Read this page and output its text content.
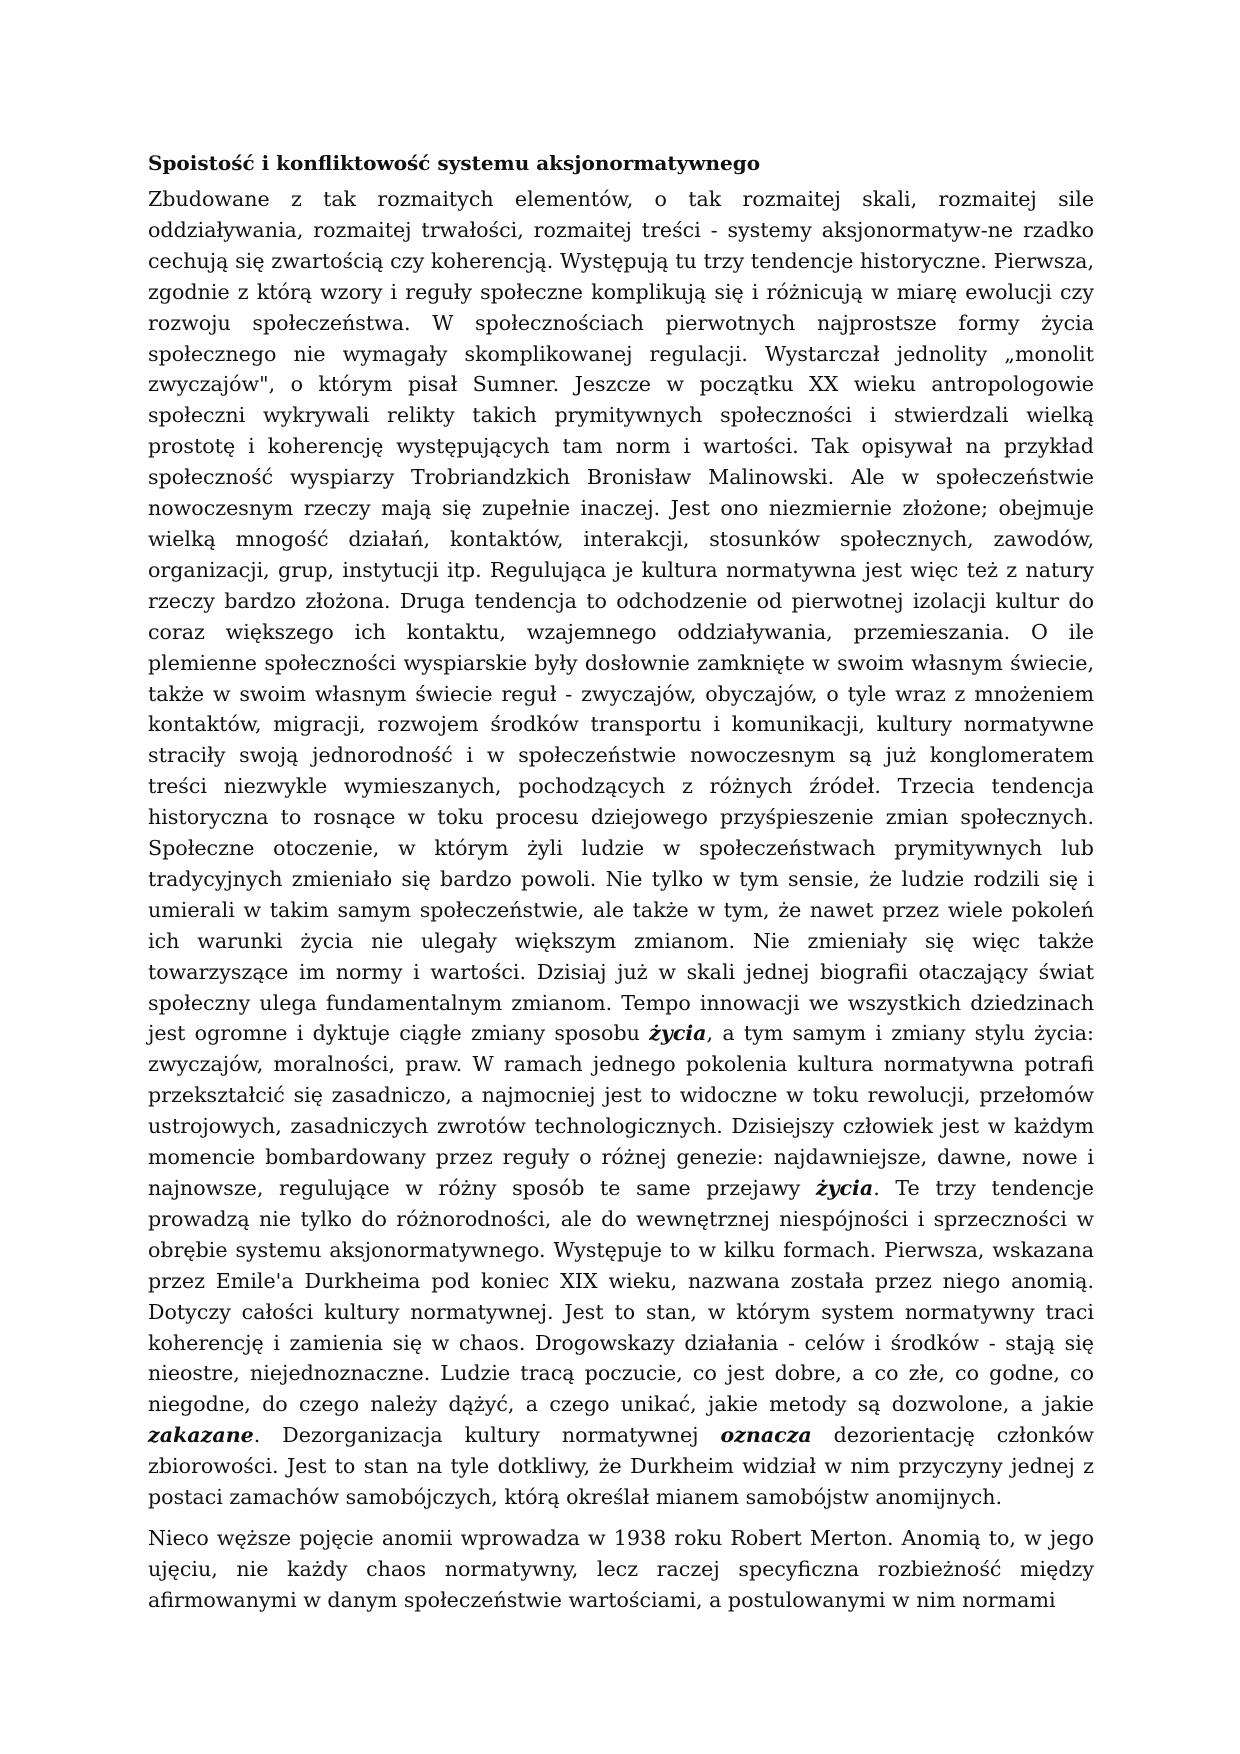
Spoistość i konfliktowość systemu aksjonormatywnego

Zbudowane z tak rozmaitych elementów, o tak rozmaitej skali, rozmaitej sile oddziaływania, rozmaitej trwałości, rozmaitej treści - systemy aksjonormatyw-ne rzadko cechują się zwartością czy koherencją. Występują tu trzy tendencje historyczne. Pierwsza, zgodnie z którą wzory i reguły społeczne komplikują się i różnicują w miarę ewolucji czy rozwoju społeczeństwa. W społecznościach pierwotnych najprostsze formy życia społecznego nie wymagały skomplikowanej regulacji. Wystarczał jednolity „monolit zwyczajów", o którym pisał Sumner. Jeszcze w początku XX wieku antropologowie społeczni wykrywali relikty takich prymitywnych społeczności i stwierdzali wielką prostotę i koherencję występujących tam norm i wartości. Tak opisywał na przykład społeczność wyspiarzy Trobriandzkich Bronisław Malinowski. Ale w społeczeństwie nowoczesnym rzeczy mają się zupełnie inaczej. Jest ono niezmiernie złożone; obejmuje wielką mnogość działań, kontaktów, interakcji, stosunków społecznych, zawodów, organizacji, grup, instytucji itp. Regulująca je kultura normatywna jest więc też z natury rzeczy bardzo złożona. Druga tendencja to odchodzenie od pierwotnej izolacji kultur do coraz większego ich kontaktu, wzajemnego oddziaływania, przemieszania. O ile plemienne społeczności wyspiarskie były dosłownie zamknięte w swoim własnym świecie, także w swoim własnym świecie reguł - zwyczajów, obyczajów, o tyle wraz z mnożeniem kontaktów, migracji, rozwojem środków transportu i komunikacji, kultury normatywne straciły swoją jednorodność i w społeczeństwie nowoczesnym są już konglomeratem treści niezwykle wymieszanych, pochodzących z różnych źródeł. Trzecia tendencja historyczna to rosnące w toku procesu dziejowego przyśpieszenie zmian społecznych. Społeczne otoczenie, w którym żyli ludzie w społeczeństwach prymitywnych lub tradycyjnych zmieniało się bardzo powoli. Nie tylko w tym sensie, że ludzie rodzili się i umierali w takim samym społeczeństwie, ale także w tym, że nawet przez wiele pokoleń ich warunki życia nie ulegały większym zmianom. Nie zmieniały się więc także towarzyszące im normy i wartości. Dzisiaj już w skali jednej biografii otaczający świat społeczny ulega fundamentalnym zmianom. Tempo innowacji we wszystkich dziedzinach jest ogromne i dyktuje ciągłe zmiany sposobu życia, a tym samym i zmiany stylu życia: zwyczajów, moralności, praw. W ramach jednego pokolenia kultura normatywna potrafi przekształcić się zasadniczo, a najmocniej jest to widoczne w toku rewolucji, przełomów ustrojowych, zasadniczych zwrotów technologicznych. Dzisiejszy człowiek jest w każdym momencie bombardowany przez reguły o różnej genezie: najdawniejsze, dawne, nowe i najnowsze, regulujące w różny sposób te same przejawy życia. Te trzy tendencje prowadzą nie tylko do różnorodności, ale do wewnętrznej niespójności i sprzeczności w obrębie systemu aksjonormatywnego. Występuje to w kilku formach. Pierwsza, wskazana przez Emile'a Durkheima pod koniec XIX wieku, nazwana została przez niego anomią. Dotyczy całości kultury normatywnej. Jest to stan, w którym system normatywny traci koherencję i zamienia się w chaos. Drogowskazy działania - celów i środków - stają się nieostre, niejednoznaczne. Ludzie tracą poczucie, co jest dobre, a co złe, co godne, co niegodne, do czego należy dążyć, a czego unikać, jakie metody są dozwolone, a jakie zakazane. Dezorganizacja kultury normatywnej oznacza dezorientację członków zbiorowości. Jest to stan na tyle dotkliwy, że Durkheim widział w nim przyczyny jednej z postaci zamachów samobójczych, którą określał mianem samobójstw anomijnych.

Nieco węższe pojęcie anomii wprowadza w 1938 roku Robert Merton. Anomią to, w jego ujęciu, nie każdy chaos normatywny, lecz raczej specyficzna rozbieżność między afirmowanymi w danym społeczeństwie wartościami, a postulowanymi w nim normami
